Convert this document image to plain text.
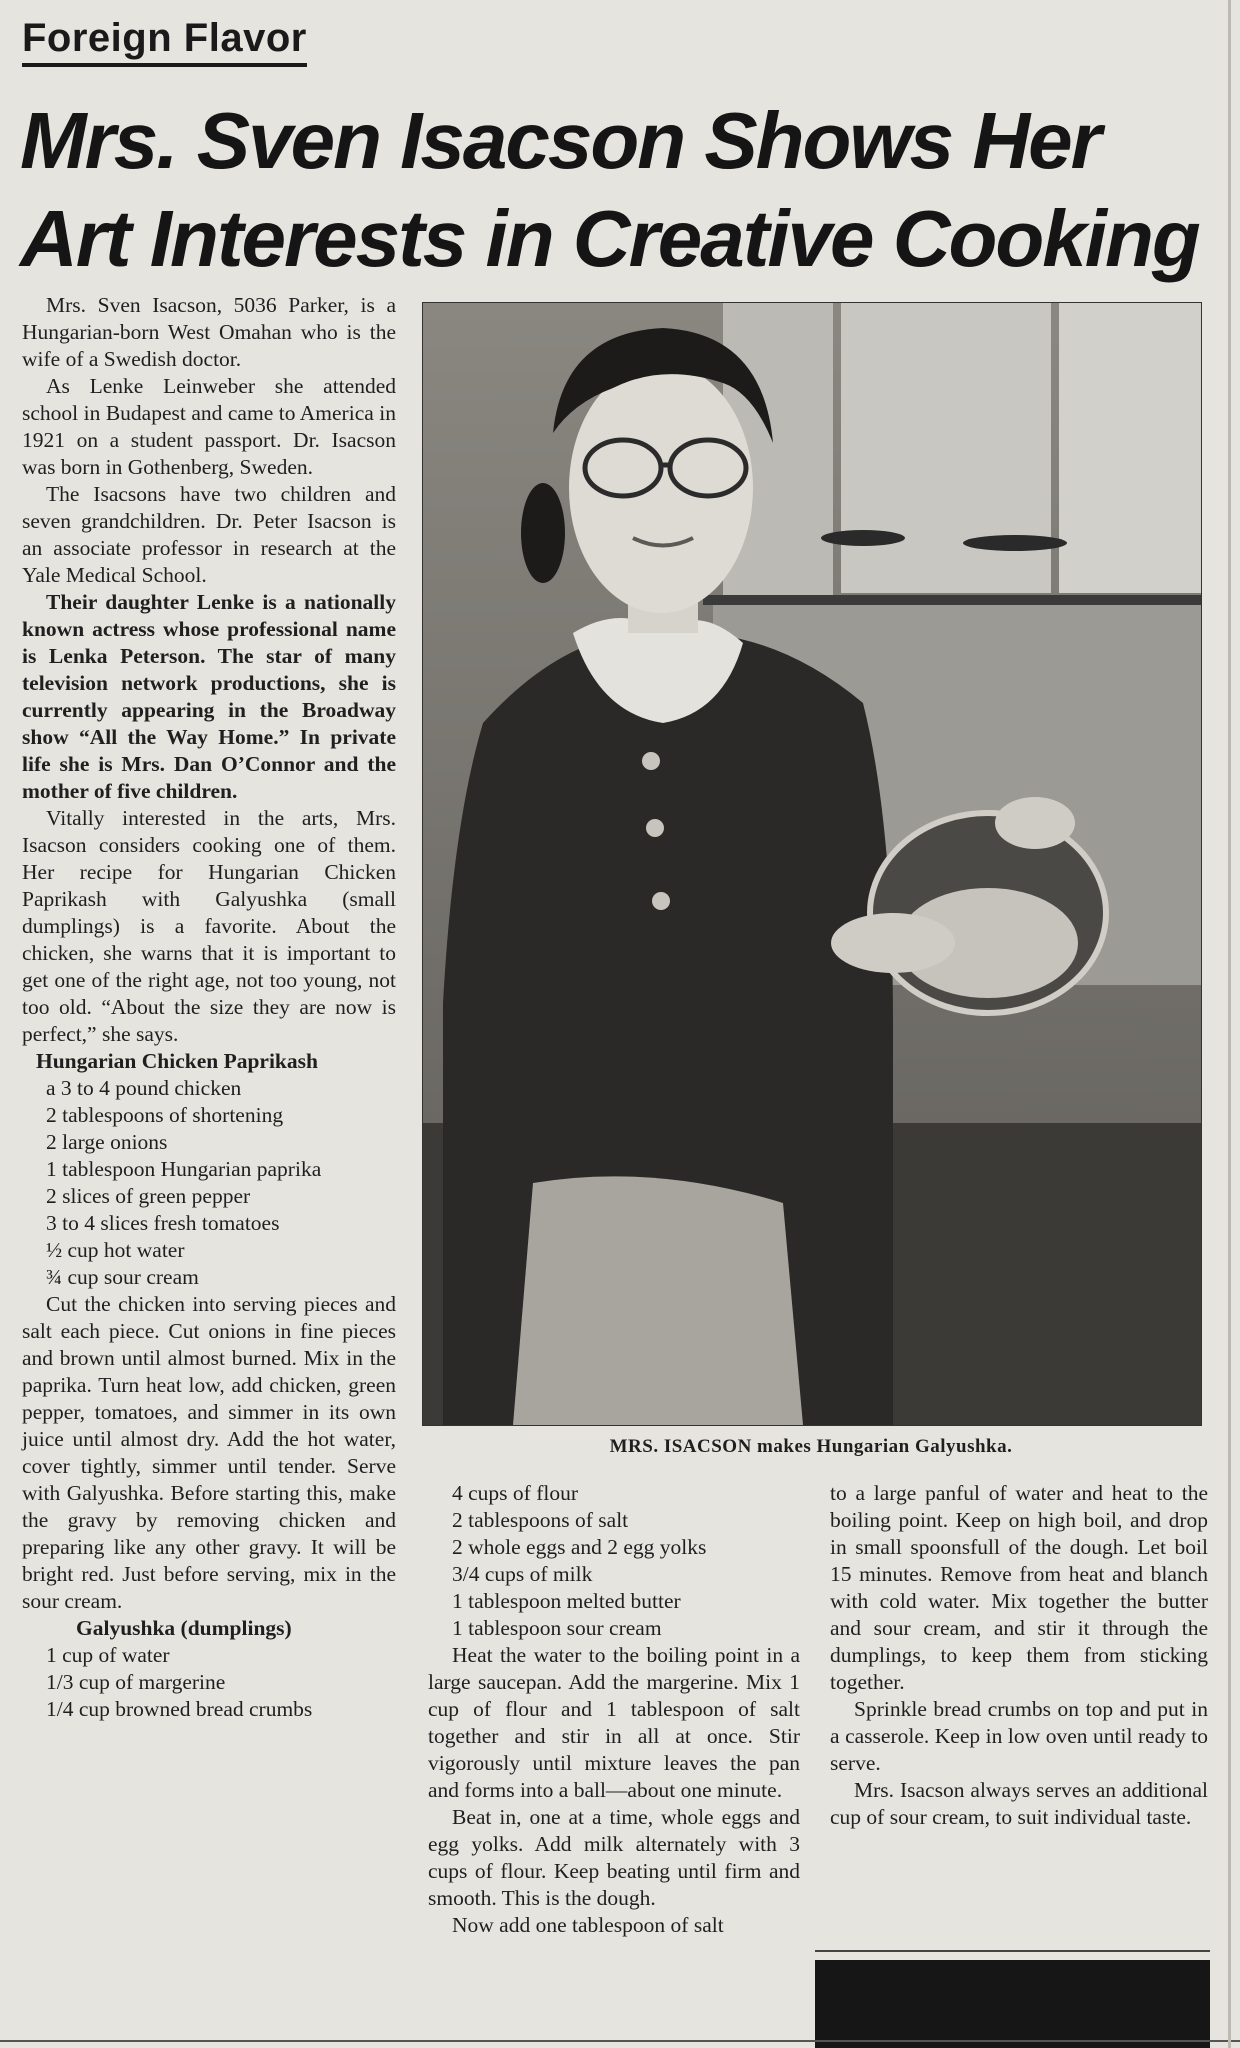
Foreign Flavor
Mrs. Sven Isacson Shows Her Art Interests in Creative Cooking

Mrs. Sven Isacson, 5036 Parker, is a Hungarian-born West Omahan who is the wife of a Swedish doctor.

As Lenke Leinweber she attended school in Budapest and came to America in 1921 on a student passport. Dr. Isacson was born in Gothenberg, Sweden.

The Isacsons have two children and seven grandchildren. Dr. Peter Isacson is an associate professor in research at the Yale Medical School.

Their daughter Lenke is a nationally known actress whose professional name is Lenka Peterson. The star of many television network productions, she is currently appearing in the Broadway show “All the Way Home.” In private life she is Mrs. Dan O’Connor and the mother of five children.

Vitally interested in the arts, Mrs. Isacson considers cooking one of them. Her recipe for Hungarian Chicken Paprikash with Galyushka (small dumplings) is a favorite. About the chicken, she warns that it is important to get one of the right age, not too young, not too old. “About the size they are now is perfect,” she says.

Hungarian Chicken Paprikash

a 3 to 4 pound chicken

2 tablespoons of shortening

2 large onions

1 tablespoon Hungarian paprika

2 slices of green pepper

3 to 4 slices fresh tomatoes

½ cup hot water

¾ cup sour cream

Cut the chicken into serving pieces and salt each piece. Cut onions in fine pieces and brown until almost burned. Mix in the paprika. Turn heat low, add chicken, green pepper, tomatoes, and simmer in its own juice until almost dry. Add the hot water, cover tightly, simmer until tender. Serve with Galyushka. Before starting this, make the gravy by removing chicken and preparing like any other gravy. It will be bright red. Just before serving, mix in the sour cream.

Galyushka (dumplings)

1 cup of water

1/3 cup of margerine

1/4 cup browned bread crumbs

MRS. ISACSON makes Hungarian Galyushka.

4 cups of flour

2 tablespoons of salt

2 whole eggs and 2 egg yolks

3/4 cups of milk

1 tablespoon melted butter

1 tablespoon sour cream

Heat the water to the boiling point in a large saucepan. Add the margerine. Mix 1 cup of flour and 1 tablespoon of salt together and stir in all at once. Stir vigorously until mixture leaves the pan and forms into a ball—about one minute.

Beat in, one at a time, whole eggs and egg yolks. Add milk alternately with 3 cups of flour. Keep beating until firm and smooth. This is the dough.

Now add one tablespoon of salt

to a large panful of water and heat to the boiling point. Keep on high boil, and drop in small spoonsfull of the dough. Let boil 15 minutes. Remove from heat and blanch with cold water. Mix together the butter and sour cream, and stir it through the dumplings, to keep them from sticking together.

Sprinkle bread crumbs on top and put in a casserole. Keep in low oven until ready to serve.

Mrs. Isacson always serves an additional cup of sour cream, to suit individual taste.
